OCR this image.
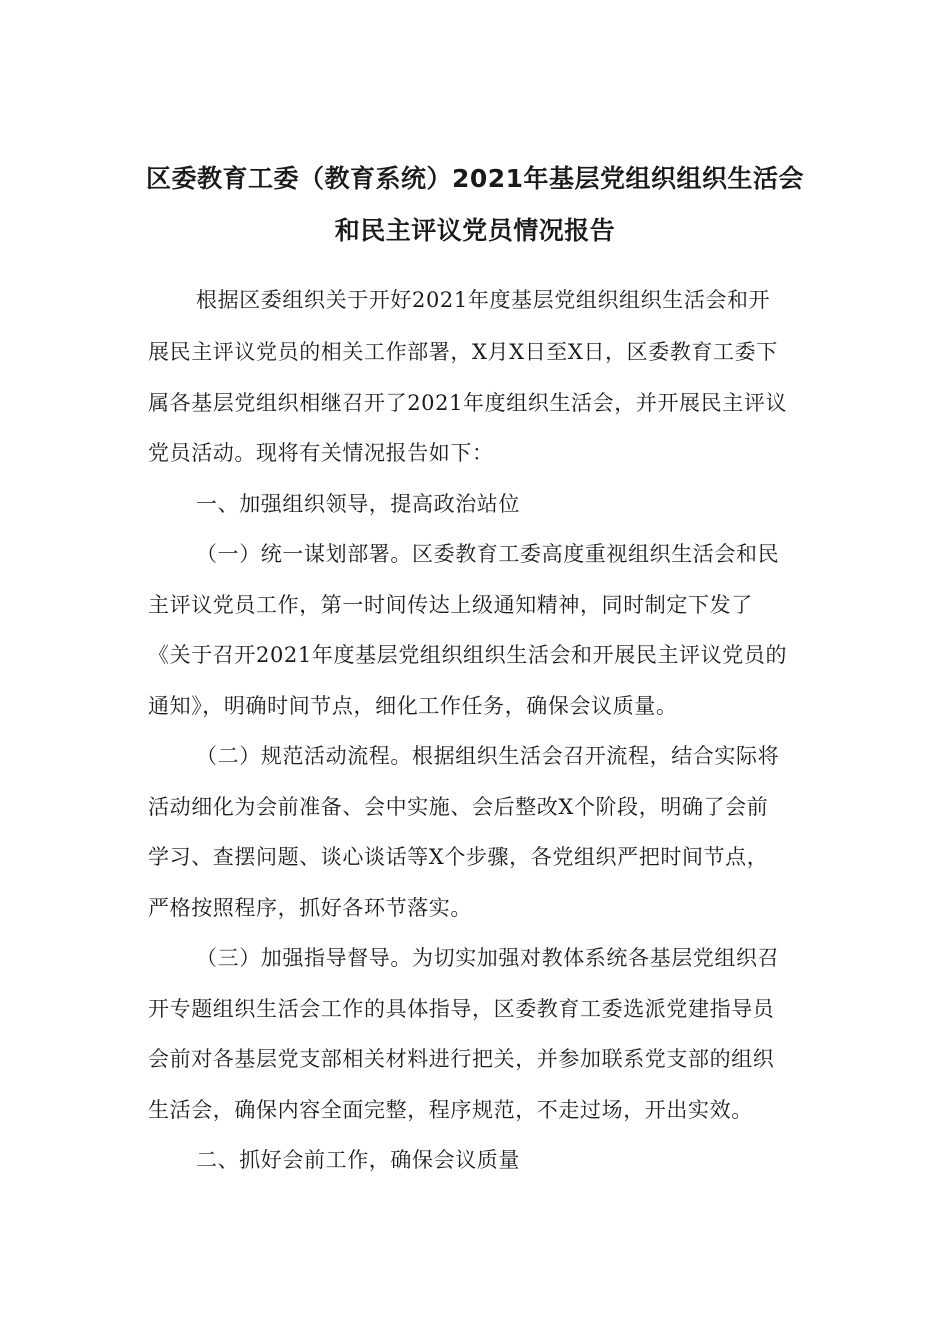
区委教育工委（教育系统）2021年基层党组织组织生活会
和民主评议党员情况报告
根据区委组织关于开好2021年度基层党组织组织生活会和开
展民主评议党员的相关工作部署，X月X日至X日，区委教育工委下
属各基层党组织相继召开了2021年度组织生活会，并开展民主评议
党员活动。现将有关情况报告如下：
一、加强组织领导，提高政治站位
（一）统一谋划部署。区委教育工委高度重视组织生活会和民
主评议党员工作，第一时间传达上级通知精神，同时制定下发了
《关于召开2021年度基层党组织组织生活会和开展民主评议党员的
通知》，明确时间节点，细化工作任务，确保会议质量。
（二）规范活动流程。根据组织生活会召开流程，结合实际将
活动细化为会前准备、会中实施、会后整改X个阶段，明确了会前
学习、查摆问题、谈心谈话等X个步骤，各党组织严把时间节点，
严格按照程序，抓好各环节落实。
（三）加强指导督导。为切实加强对教体系统各基层党组织召
开专题组织生活会工作的具体指导，区委教育工委选派党建指导员
会前对各基层党支部相关材料进行把关，并参加联系党支部的组织
生活会，确保内容全面完整，程序规范，不走过场，开出实效。
二、抓好会前工作，确保会议质量
